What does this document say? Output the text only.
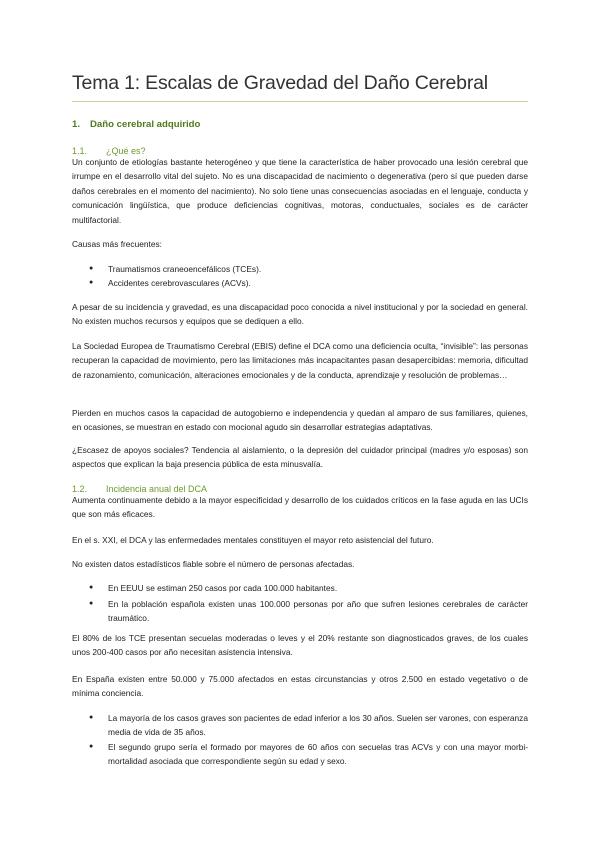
Tema 1: Escalas de Gravedad del Daño Cerebral
1. Daño cerebral adquirido
1.1. ¿Qué es?

Un conjunto de etiologías bastante heterogéneo y que tiene la característica de haber provocado una lesión cerebral que irrumpe en el desarrollo vital del sujeto. No es una discapacidad de nacimiento o degenerativa (pero sí que pueden darse daños cerebrales en el momento del nacimiento). No solo tiene unas consecuencias asociadas en el lenguaje, conducta y comunicación lingüística, que produce deficiencias cognitivas, motoras, conductuales, sociales es de carácter multifactorial.

Causas más frecuentes:

● Traumatismos craneoencefálicos (TCEs).
● Accidentes cerebrovasculares (ACVs).

A pesar de su incidencia y gravedad, es una discapacidad poco conocida a nivel institucional y por la sociedad en general. No existen muchos recursos y equipos que se dediquen a ello.

La Sociedad Europea de Traumatismo Cerebral (EBIS) define el DCA como una deficiencia oculta, “invisible”: las personas recuperan la capacidad de movimiento, pero las limitaciones más incapacitantes pasan desapercibidas: memoria, dificultad de razonamiento, comunicación, alteraciones emocionales y de la conducta, aprendizaje y resolución de problemas…

Pierden en muchos casos la capacidad de autogobierno e independencia y quedan al amparo de sus familiares, quienes, en ocasiones, se muestran en estado con mocional agudo sin desarrollar estrategias adaptativas.

¿Escasez de apoyos sociales? Tendencia al aislamiento, o la depresión del cuidador principal (madres y/o esposas) son aspectos que explican la baja presencia pública de esta minusvalía.

1.2. Incidencia anual del DCA

Aumenta continuamente debido a la mayor especificidad y desarrollo de los cuidados críticos en la fase aguda en las UCIs que son más eficaces.

En el s. XXI, el DCA y las enfermedades mentales constituyen el mayor reto asistencial del futuro.

No existen datos estadísticos fiable sobre el número de personas afectadas.

● En EEUU se estiman 250 casos por cada 100.000 habitantes.
● En la población española existen unas 100.000 personas por año que sufren lesiones cerebrales de carácter traumático.

El 80% de los TCE presentan secuelas moderadas o leves y el 20% restante son diagnosticados graves, de los cuales unos 200-400 casos por año necesitan asistencia intensiva.

En España existen entre 50.000 y 75.000 afectados en estas circunstancias y otros 2.500 en estado vegetativo o de mínima conciencia.

● La mayoría de los casos graves son pacientes de edad inferior a los 30 años. Suelen ser varones, con esperanza media de vida de 35 años.
● El segundo grupo sería el formado por mayores de 60 años con secuelas tras ACVs y con una mayor morbi-mortalidad asociada que correspondiente según su edad y sexo.
